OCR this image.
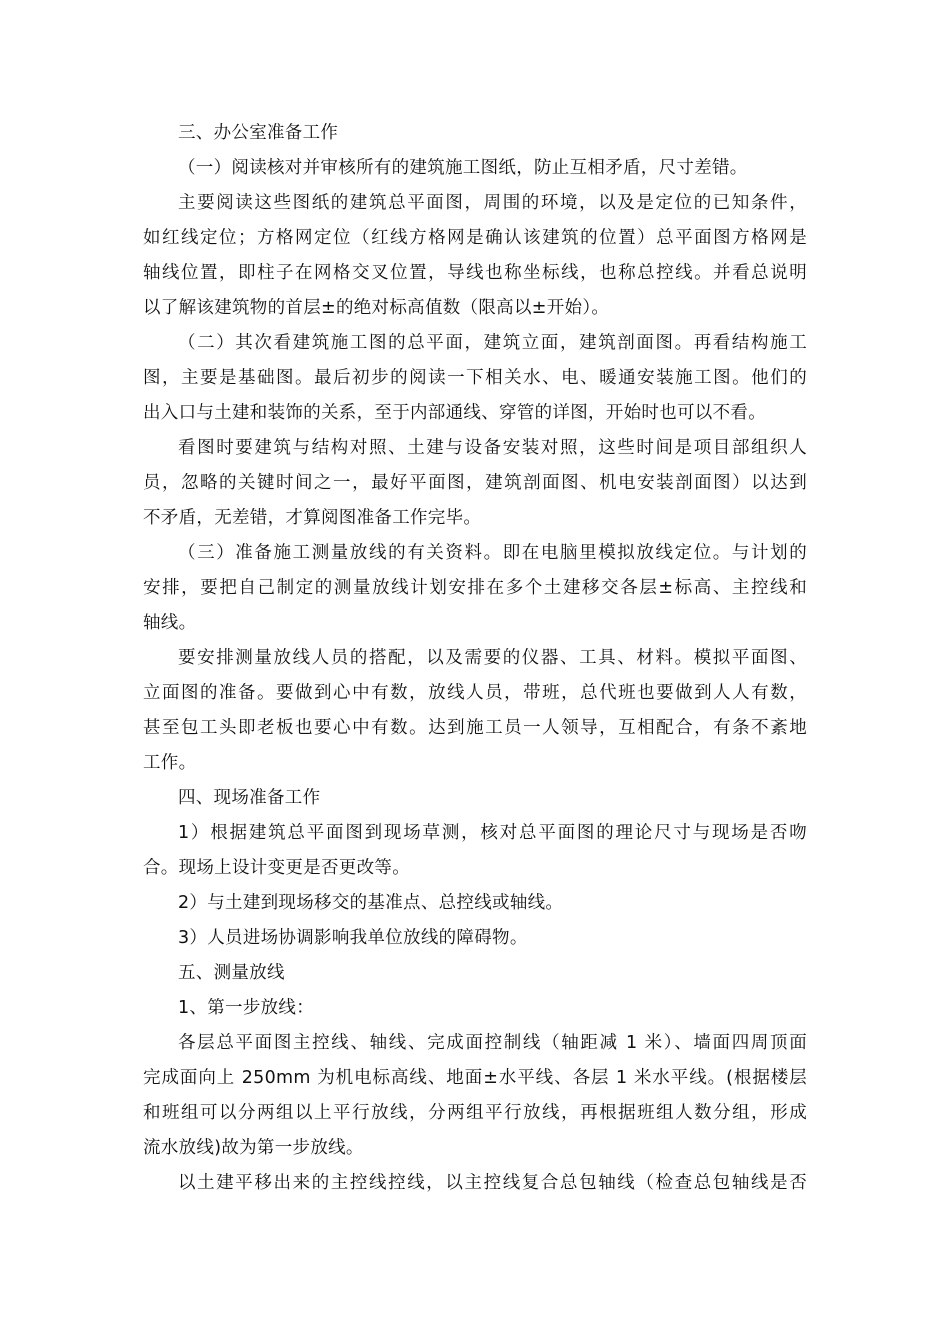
三、办公室准备工作
（一）阅读核对并审核所有的建筑施工图纸，防止互相矛盾，尺寸差错。
主要阅读这些图纸的建筑总平面图，周围的环境，以及是定位的已知条件，
如红线定位；方格网定位（红线方格网是确认该建筑的位置）总平面图方格网是
轴线位置，即柱子在网格交叉位置，导线也称坐标线，也称总控线。并看总说明
以了解该建筑物的首层±的绝对标高值数（限高以±开始）。
（二）其次看建筑施工图的总平面，建筑立面，建筑剖面图。再看结构施工
图，主要是基础图。最后初步的阅读一下相关水、电、暖通安装施工图。他们的
出入口与土建和装饰的关系，至于内部通线、穿管的详图，开始时也可以不看。
看图时要建筑与结构对照、土建与设备安装对照，这些时间是项目部组织人
员，忽略的关键时间之一，最好平面图，建筑剖面图、机电安装剖面图）以达到
不矛盾，无差错，才算阅图准备工作完毕。
（三）准备施工测量放线的有关资料。即在电脑里模拟放线定位。与计划的
安排，要把自己制定的测量放线计划安排在多个土建移交各层±标高、主控线和
轴线。
要安排测量放线人员的搭配，以及需要的仪器、工具、材料。模拟平面图、
立面图的准备。要做到心中有数，放线人员，带班，总代班也要做到人人有数，
甚至包工头即老板也要心中有数。达到施工员一人领导，互相配合，有条不紊地
工作。
四、现场准备工作
1）根据建筑总平面图到现场草测，核对总平面图的理论尺寸与现场是否吻
合。现场上设计变更是否更改等。
2）与土建到现场移交的基准点、总控线或轴线。
3）人员进场协调影响我单位放线的障碍物。
五、测量放线
1、第一步放线：
各层总平面图主控线、轴线、完成面控制线（轴距减 1 米）、墙面四周顶面
完成面向上 250mm 为机电标高线、地面±水平线、各层 1 米水平线。(根据楼层
和班组可以分两组以上平行放线，分两组平行放线，再根据班组人数分组，形成
流水放线)故为第一步放线。
以土建平移出来的主控线控线，以主控线复合总包轴线（检查总包轴线是否
